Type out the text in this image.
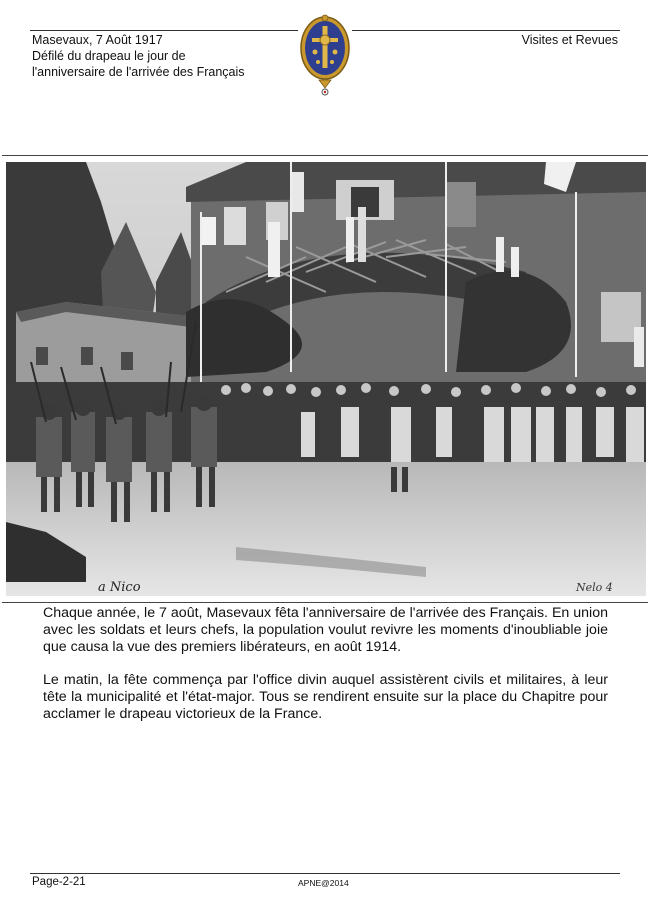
Masevaux, 7 Août 1917
Défilé du drapeau le jour de
l'anniversaire de l'arrivée des Français
Visites et Revues
a Nico	Nelo 4

Chaque année, le 7 août, Masevaux fêta l'anniversaire de l'arrivée des Français. En union avec les soldats et leurs chefs, la population voulut revivre les moments d'inoubliable joie que causa la vue des premiers libérateurs, en août 1914.

Le matin, la fête commença par l'office divin auquel assistèrent civils et militaires, à leur tête la municipalité et l'état-major. Tous se rendirent ensuite sur la place du Chapitre pour acclamer le drapeau victorieux de la France.

Page-2-21	APNE@2014
